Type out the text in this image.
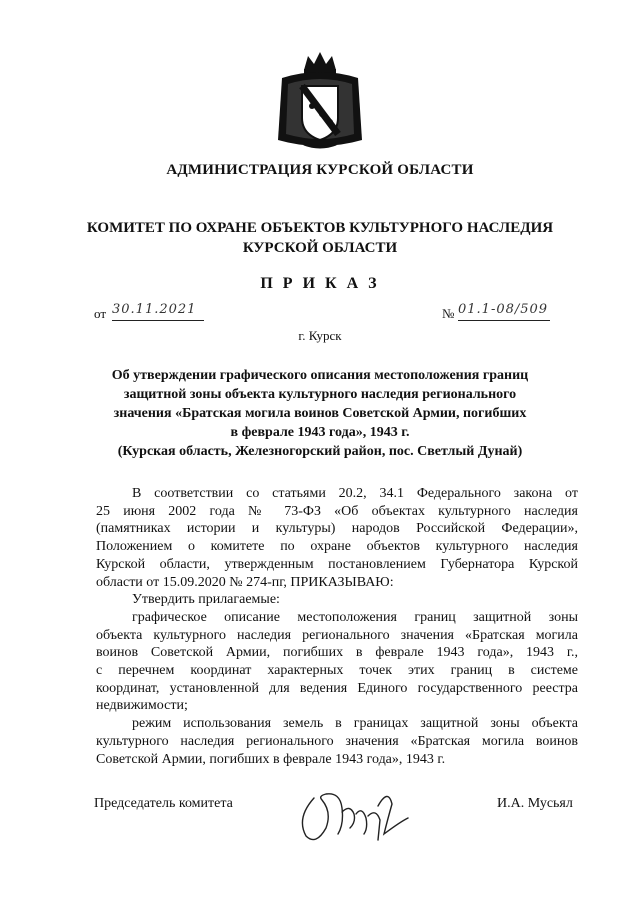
АДМИНИСТРАЦИЯ КУРСКОЙ ОБЛАСТИ
КОМИТЕТ ПО ОХРАНЕ ОБЪЕКТОВ КУЛЬТУРНОГО НАСЛЕДИЯ
КУРСКОЙ ОБЛАСТИ
П Р И К А З
от 30.11.2021	№ 01.1-08/509
г. Курск
Об утверждении графического описания местоположения границ
защитной зоны объекта культурного наследия регионального
значения «Братская могила воинов Советской Армии, погибших
в феврале 1943 года», 1943 г.
(Курская область, Железногорский район, пос. Светлый Дунай)
В соответствии со статьями 20.2, 34.1 Федерального закона от
25 июня 2002 года № 73-ФЗ «Об объектах культурного наследия
(памятниках истории и культуры) народов Российской Федерации»,
Положением о комитете по охране объектов культурного наследия
Курской области, утвержденным постановлением Губернатора Курской
области от 15.09.2020 № 274-пг, ПРИКАЗЫВАЮ:
Утвердить прилагаемые:
графическое описание местоположения границ защитной зоны
объекта культурного наследия регионального значения «Братская могила
воинов Советской Армии, погибших в феврале 1943 года», 1943 г.,
с перечнем координат характерных точек этих границ в системе
координат, установленной для ведения Единого государственного реестра
недвижимости;
режим использования земель в границах защитной зоны объекта
культурного наследия регионального значения «Братская могила воинов
Советской Армии, погибших в феврале 1943 года», 1943 г.
Председатель комитета	И.А. Мусьял
